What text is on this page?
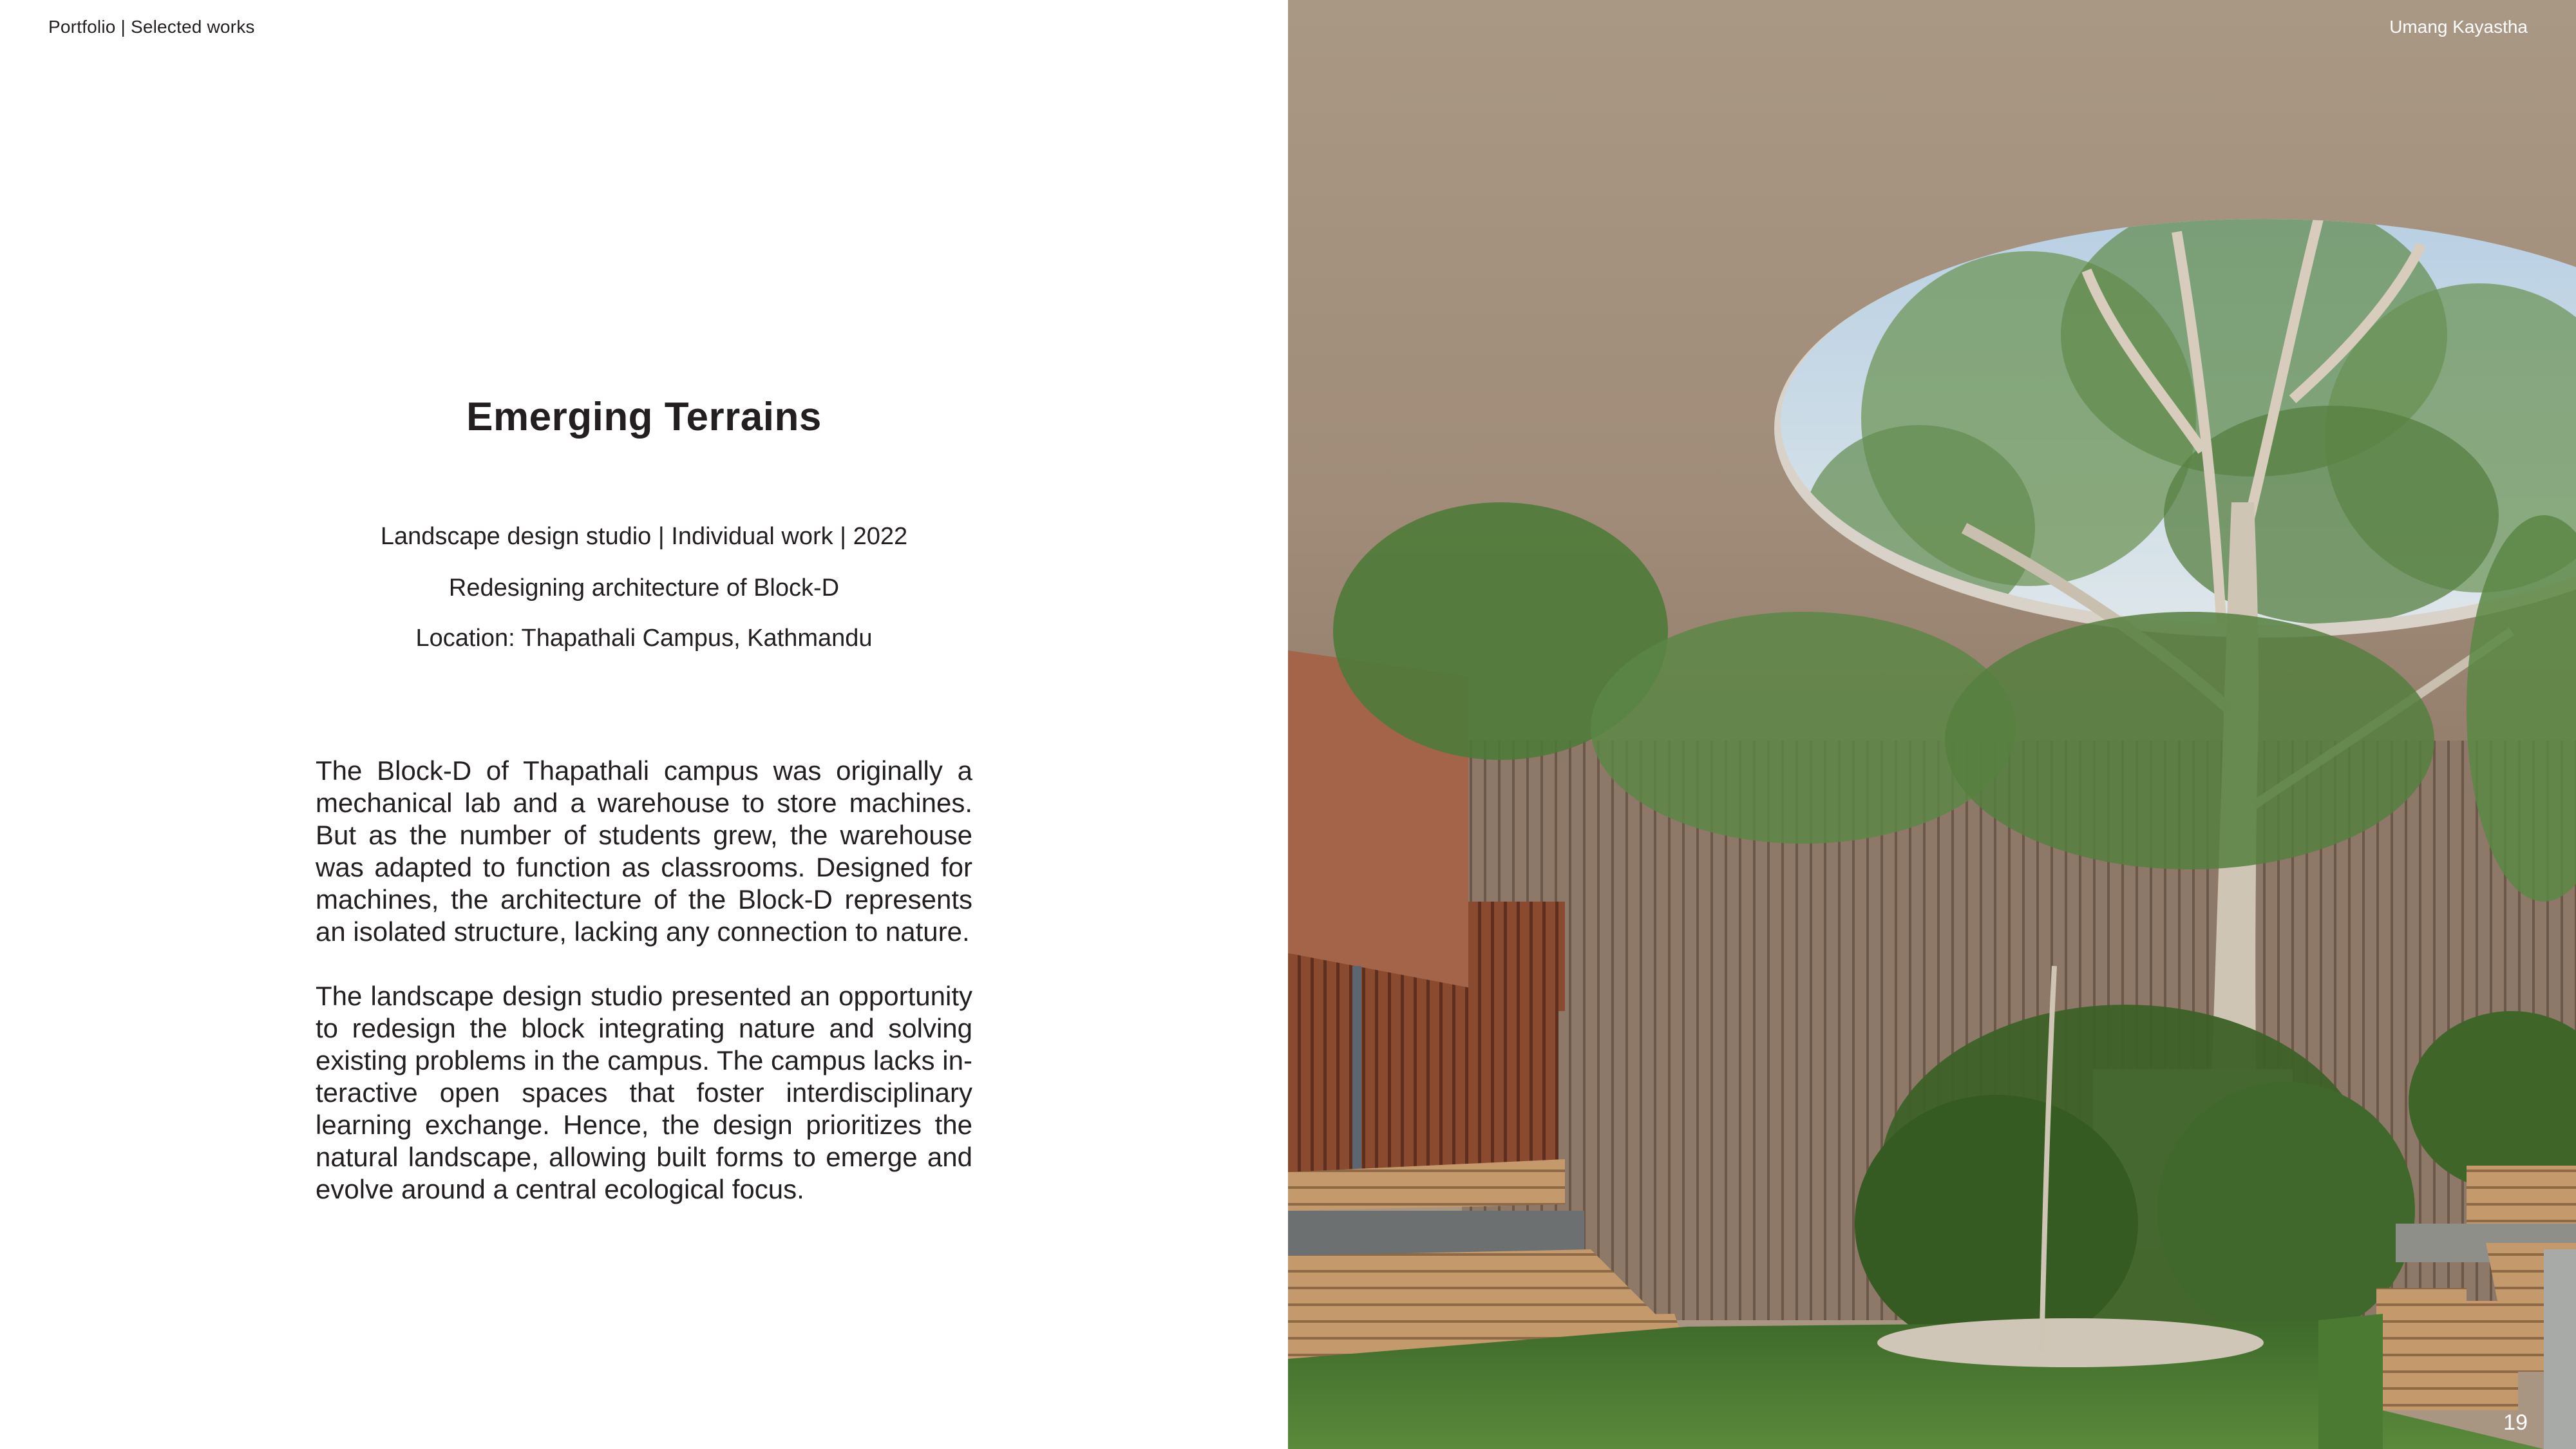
Portfolio | Selected works
Emerging Terrains
Landscape design studio | Individual work | 2022
Redesigning architecture of Block-D
Location: Thapathali Campus, Kathmandu

The Block-D of Thapathali campus was originally a mechanical lab and a warehouse to store machines. But as the number of students grew, the warehouse was adapted to function as classrooms. Designed for machines, the architecture of the Block-D represents an isolated structure, lacking any connection to nature.

The landscape design studio presented an opportunity to redesign the block integrating nature and solving existing problems in the campus. The campus lacks interactive open spaces that foster interdisciplinary learning exchange. Hence, the design prioritizes the natural landscape, allowing built forms to emerge and evolve around a central ecological focus.

Umang Kayastha
19
